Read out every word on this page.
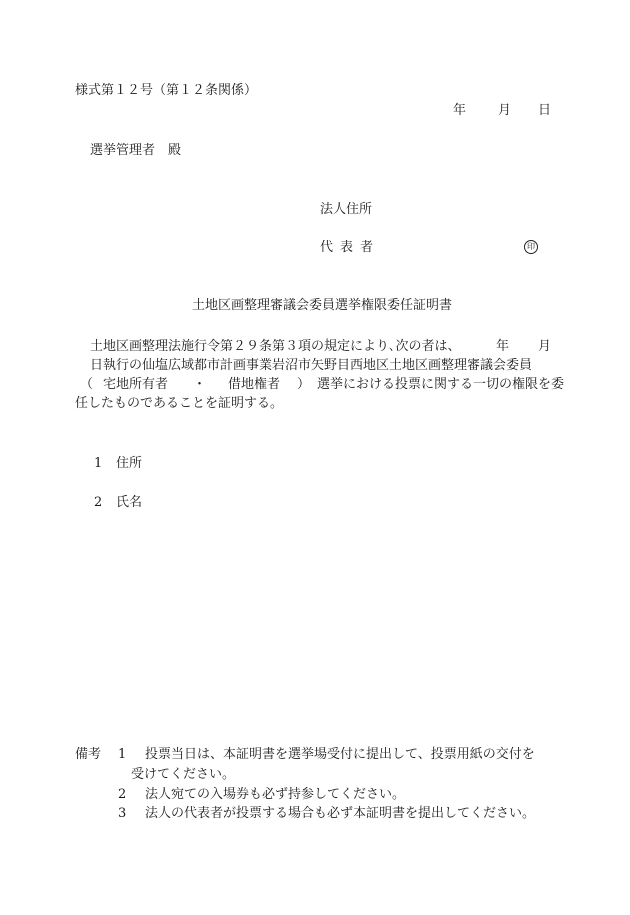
様式第１２号（第１２条関係）
年 月 日
選挙管理者　殿
法人住所
代表者	印
土地区画整理審議会委員選挙権限委任証明書
土地区画整理法施行令第２９条第３項の規定により､次の者は、	年 月
日執行の仙塩広域都市計画事業岩沼市矢野目西地区土地区画整理審議会委員
（ 宅地所有者 ・ 借地権者 ） 選挙における投票に関する一切の権限を委
任したものであることを証明する。
1 住所
2 氏名
備考 1 投票当日は、本証明書を選挙場受付に提出して、投票用紙の交付を
受けてください。
2 法人宛ての入場券も必ず持参してください。
3 法人の代表者が投票する場合も必ず本証明書を提出してください。
